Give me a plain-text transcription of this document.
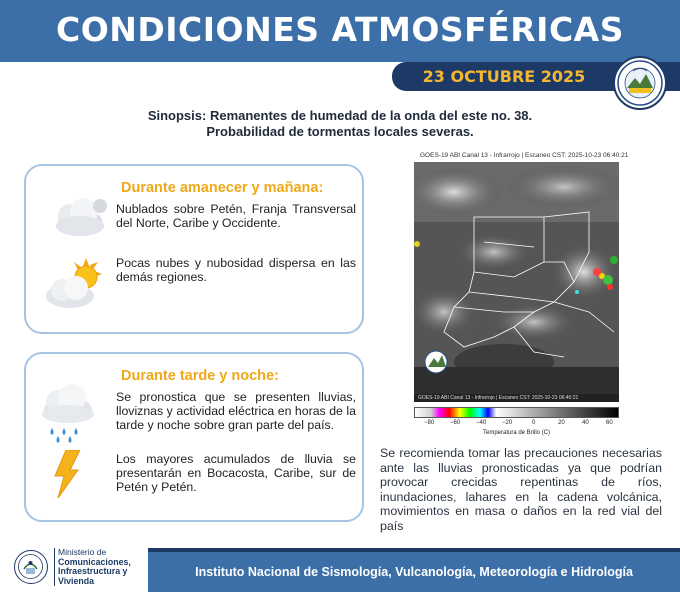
CONDICIONES ATMOSFÉRICAS
23 OCTUBRE 2025
Sinopsis: Remanentes de humedad de la onda del este no. 38.
Probabilidad de tormentas locales severas.
Durante amanecer y mañana:
Nublados sobre Petén, Franja Transversal del Norte, Caribe y Occidente.
Pocas nubes y nubosidad dispersa en las demás regiones.
Durante tarde y noche:
Se pronostica que se presenten lluvias, lloviznas y actividad eléctrica en horas de la tarde y noche sobre gran parte del país.
Los mayores acumulados de lluvia se presentarán en Bocacosta, Caribe, sur de Petén y Petén.
GOES-19 ABI Canal 13 - Infrarrojo | Escaneo CST: 2025-10-23 06:40:21
GOES-19 ABI Canal 13 - Infrarrojo | Escaneo CST: 2025-10-23 06:40:21
−80	−60	−40	−20	0	20	40	60
Temperatura de Brillo (C)
Se recomienda tomar las precauciones necesarias ante las lluvias pronosticadas ya que podrían provocar crecidas repentinas de ríos, inundaciones, lahares en la cadena volcánica, movimientos en masa o daños en la red vial del país
Ministerio de
Comunicaciones,
Infraestructura y
Vivienda
Instituto Nacional de Sismología, Vulcanología, Meteorología e Hidrología
